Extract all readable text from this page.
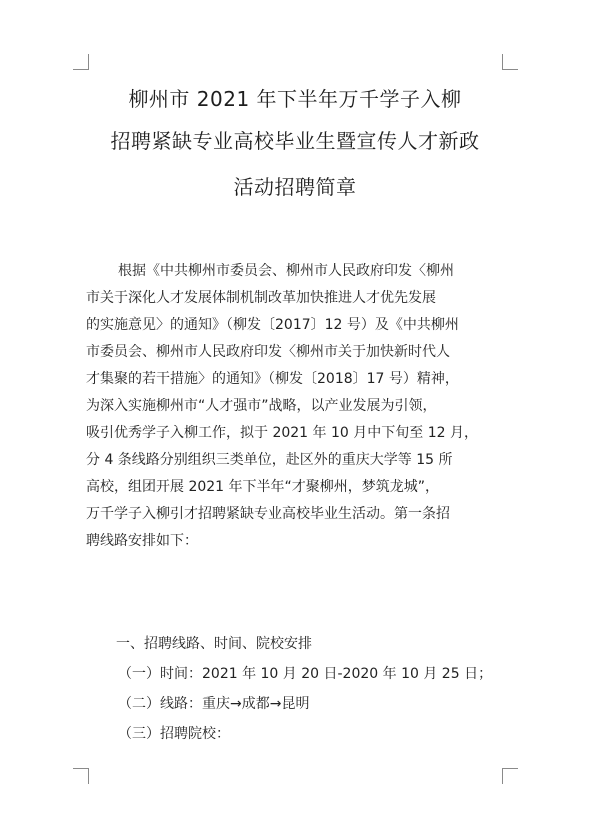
柳州市 2021 年下半年万千学子入柳
招聘紧缺专业高校毕业生暨宣传人才新政
活动招聘简章
根据《中共柳州市委员会、柳州市人民政府印发〈柳州
市关于深化人才发展体制机制改革加快推进人才优先发展
的实施意见〉的通知》（柳发〔2017〕12 号）及《中共柳州
市委员会、柳州市人民政府印发〈柳州市关于加快新时代人
才集聚的若干措施〉的通知》（柳发〔2018〕17 号）精神，
为深入实施柳州市“人才强市”战略，以产业发展为引领，
吸引优秀学子入柳工作，拟于 2021 年 10 月中下旬至 12 月，
分 4 条线路分别组织三类单位，赴区外的重庆大学等 15 所
高校，组团开展 2021 年下半年“才聚柳州，梦筑龙城”，
万千学子入柳引才招聘紧缺专业高校毕业生活动。第一条招
聘线路安排如下：
一、招聘线路、时间、院校安排
（一）时间：2021 年 10 月 20 日-2020 年 10 月 25 日；
（二）线路：重庆→成都→昆明
（三）招聘院校：
